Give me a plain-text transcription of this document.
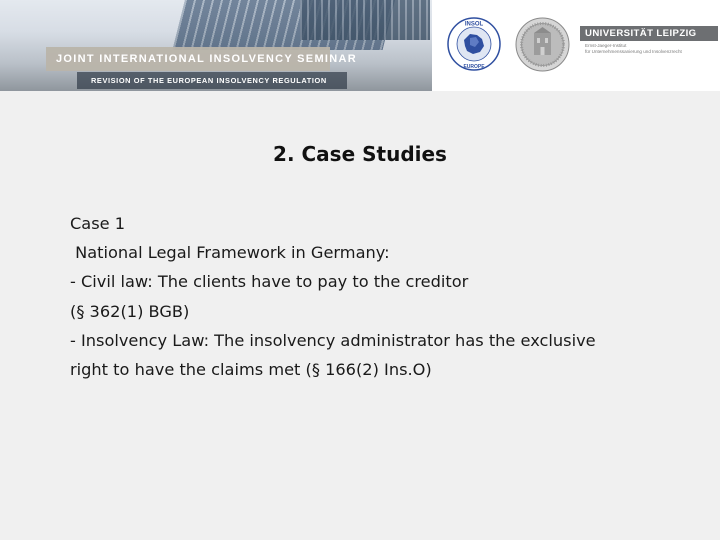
JOINT INTERNATIONAL INSOLVENCY SEMINAR
REVISION OF THE EUROPEAN INSOLVENCY REGULATION
INSOL
EUROPE
UNIVERSITÄT LEIPZIG
Ernst-Jaeger-Institut
für Unternehmenssanierung und Insolvenzrecht
2. Case Studies
Case 1
National Legal Framework in Germany:
- Civil law: The clients have to pay to the creditor
(§ 362(1) BGB)
- Insolvency Law: The insolvency administrator has the exclusive
right to have the claims met (§ 166(2) Ins.O)
